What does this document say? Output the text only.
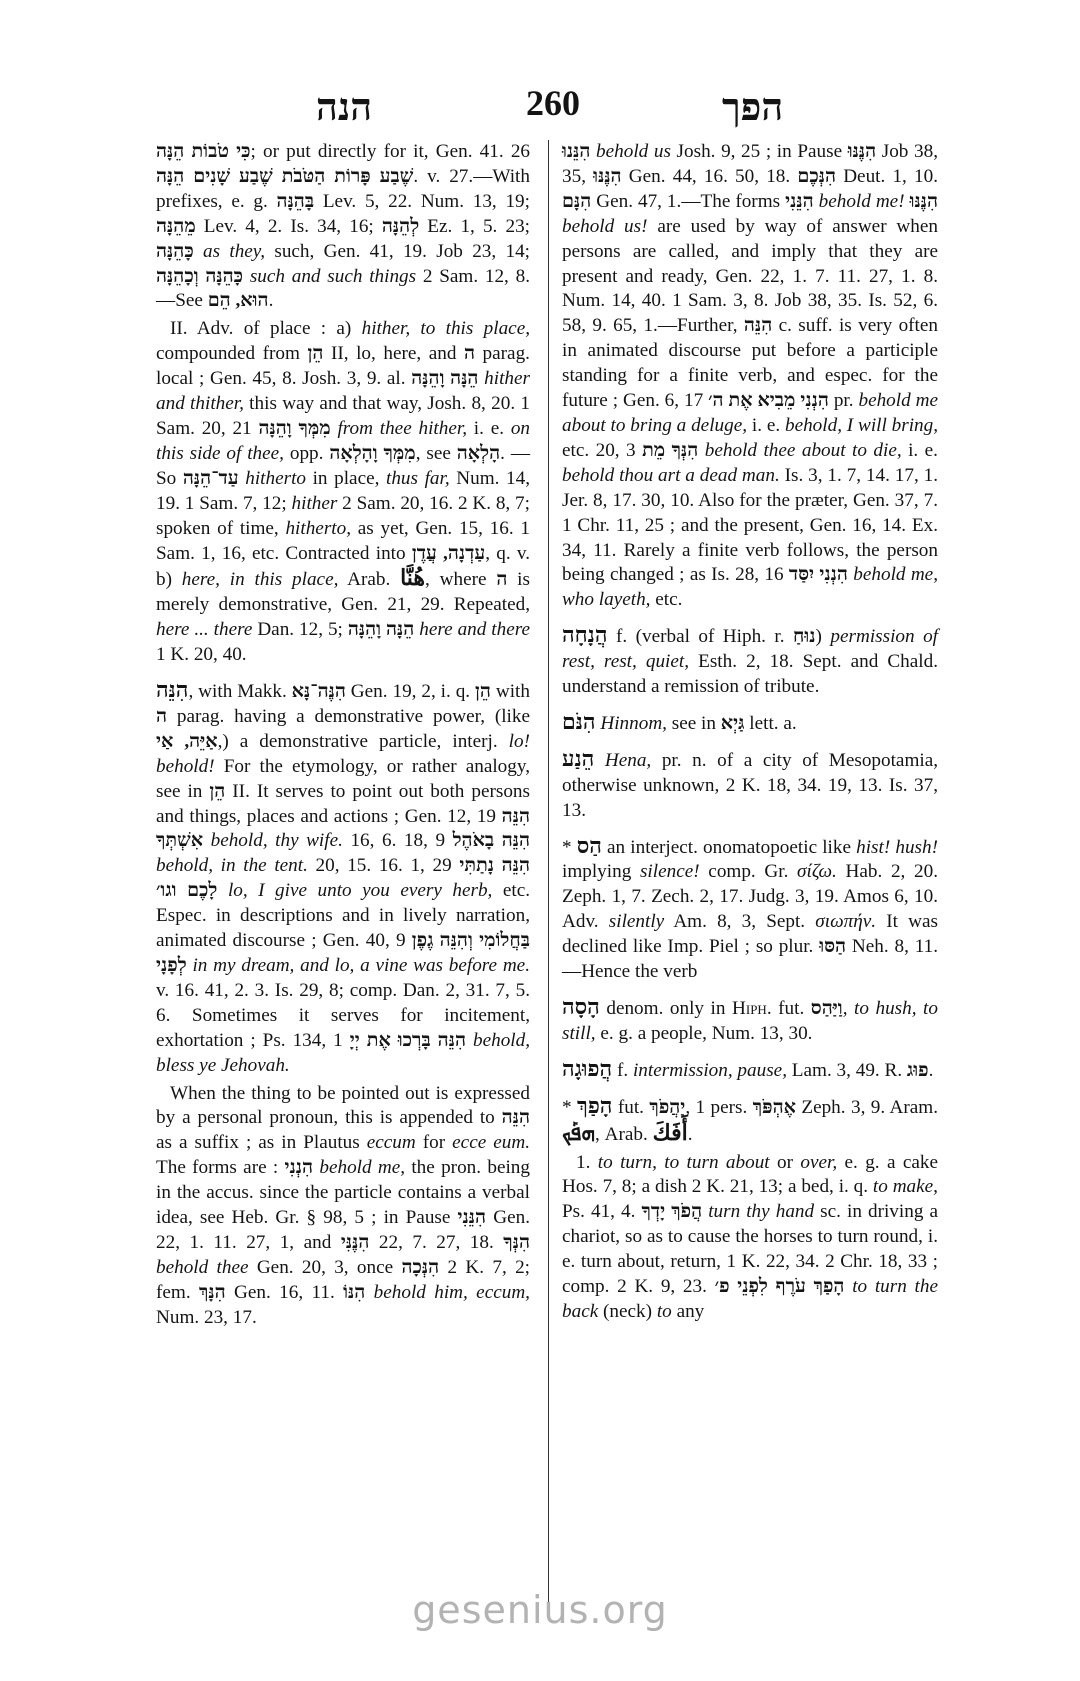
הנה	260	הפך

כִּי טֹבוֹת הֵנָּה; or put directly for it, Gen. 41. 26 שֶׁבַע פָּרוֹת הַטֹּבֹת שֶׁבַע שָׁנִים הֵנָּה. v. 27.—With prefixes, e. g. בָּהֵנָּה Lev. 5, 22. Num. 13, 19; מֵהֵנָּה Lev. 4, 2. Is. 34, 16; לְהֵנָּה Ez. 1, 5. 23; כָּהֵנָּה as they, such, Gen. 41, 19. Job 23, 14; כָּהֵנָּה וְכָהֵנָּה such and such things 2 Sam. 12, 8.—See הוּא, הֵם.

II. Adv. of place : a) hither, to this place, compounded from הֵן II, lo, here, and ה parag. local ; Gen. 45, 8. Josh. 3, 9. al. הֵנָּה וָהֵנָּה hither and thither, this way and that way, Josh. 8, 20. 1 Sam. 20, 21 מִמְּךָ וָהֵנָּה from thee hither, i. e. on this side of thee, opp. מִמְּךָ וָהָלְאָה, see הָלְאָה. — So עַד־הֵנָּה hitherto in place, thus far, Num. 14, 19. 1 Sam. 7, 12; hither 2 Sam. 20, 16. 2 K. 8, 7; spoken of time, hitherto, as yet, Gen. 15, 16. 1 Sam. 1, 16, etc. Contracted into עַדְנָה, עֲדֶן, q. v. b) here, in this place, Arab. هُنَّا, where ה is merely demonstrative, Gen. 21, 29. Repeated, here ... there Dan. 12, 5; הֵנָּה וָהֵנָּה here and there 1 K. 20, 40.

הִנֵּה, with Makk. הִנֶּה־נָּא Gen. 19, 2, i. q. הֵן with ה parag. having a demonstrative power, (like אַיֵּה, אַי,) a demonstrative particle, interj. lo! behold! For the etymology, or rather analogy, see in הֵן II. It serves to point out both persons and things, places and actions ; Gen. 12, 19 הִנֵּה אִשְׁתְּךָ behold, thy wife. 16, 6. 18, 9 הִנֵּה בָאֹהֶל behold, in the tent. 20, 15. 16. 1, 29 הִנֵּה נָתַתִּי לָכֶם וגו׳ lo, I give unto you every herb, etc. Espec. in descriptions and in lively narration, animated discourse ; Gen. 40, 9 בַּחֲלוֹמִי וְהִנֵּה גֶפֶן לְפָנָי in my dream, and lo, a vine was before me. v. 16. 41, 2. 3. Is. 29, 8; comp. Dan. 2, 31. 7, 5. 6. Sometimes it serves for incitement, exhortation ; Ps. 134, 1 הִנֵּה בָּרְכוּ אֶת יְיָ behold, bless ye Jehovah.

When the thing to be pointed out is expressed by a personal pronoun, this is appended to הִנֵּה as a suffix ; as in Plautus eccum for ecce eum. The forms are : הִנְנִי behold me, the pron. being in the accus. since the particle contains a verbal idea, see Heb. Gr. § 98, 5 ; in Pause הִנֵּנִי Gen. 22, 1. 11. 27, 1, and הִנֶּנִּי 22, 7. 27, 18. הִנְּךָ behold thee Gen. 20, 3, once הִנְּכָה 2 K. 7, 2; fem. הִנָּךְ Gen. 16, 11. הִנּוֹ behold him, eccum, Num. 23, 17.

הִנֵּנוּ behold us Josh. 9, 25 ; in Pause הִנֶּנּוּ Job 38, 35, הִנֶּנּוּ Gen. 44, 16. 50, 18. הִנְּכֶם Deut. 1, 10. הִנָּם Gen. 47, 1.—The forms הִנֵּנִי behold me! הִנֶּנּוּ behold us! are used by way of answer when persons are called, and imply that they are present and ready, Gen. 22, 1. 7. 11. 27, 1. 8. Num. 14, 40. 1 Sam. 3, 8. Job 38, 35. Is. 52, 6. 58, 9. 65, 1.—Further, הִנֵּה c. suff. is very often in animated discourse put before a participle standing for a finite verb, and espec. for the future ; Gen. 6, 17 הִנְנִי מֵבִיא אֶת ה׳ pr. behold me about to bring a deluge, i. e. behold, I will bring, etc. 20, 3 הִנְּךָ מֵת behold thee about to die, i. e. behold thou art a dead man. Is. 3, 1. 7, 14. 17, 1. Jer. 8, 17. 30, 10. Also for the præter, Gen. 37, 7. 1 Chr. 11, 25 ; and the present, Gen. 16, 14. Ex. 34, 11. Rarely a finite verb follows, the person being changed ; as Is. 28, 16 הִנְנִי יִסַּד behold me, who layeth, etc.

הֲנָחָה f. (verbal of Hiph. r. נוּחַ) permission of rest, rest, quiet, Esth. 2, 18. Sept. and Chald. understand a remission of tribute.

הִנֹּם Hinnom, see in גַּיְא lett. a.

הֵנַע Hena, pr. n. of a city of Mesopotamia, otherwise unknown, 2 K. 18, 34. 19, 13. Is. 37, 13.

* הַס an interject. onomatopoetic like hist! hush! implying silence! comp. Gr. σίζω. Hab. 2, 20. Zeph. 1, 7. Zech. 2, 17. Judg. 3, 19. Amos 6, 10. Adv. silently Am. 8, 3, Sept. σιωπήν. It was declined like Imp. Piel ; so plur. הַסּוּ Neh. 8, 11.—Hence the verb

הָסָה denom. only in Hiph. fut. וַיַּהַס, to hush, to still, e. g. a people, Num. 13, 30.

הֲפוּגָה f. intermission, pause, Lam. 3, 49. R. פוּג.

* הָפַךְ fut. יַהֲפֹךְ, 1 pers. אֶהְפֹּךְ Zeph. 3, 9. Aram. ܗܦܰܟ, Arab. أَفَكَ.

1. to turn, to turn about or over, e. g. a cake Hos. 7, 8; a dish 2 K. 21, 13; a bed, i. q. to make, Ps. 41, 4. הֲפֹךְ יָדְךָ turn thy hand sc. in driving a chariot, so as to cause the horses to turn round, i. e. turn about, return, 1 K. 22, 34. 2 Chr. 18, 33 ; comp. 2 K. 9, 23. הָפַךְ עֹרֶף לִפְנֵי פ׳ to turn the back (neck) to any

gesenius.org
